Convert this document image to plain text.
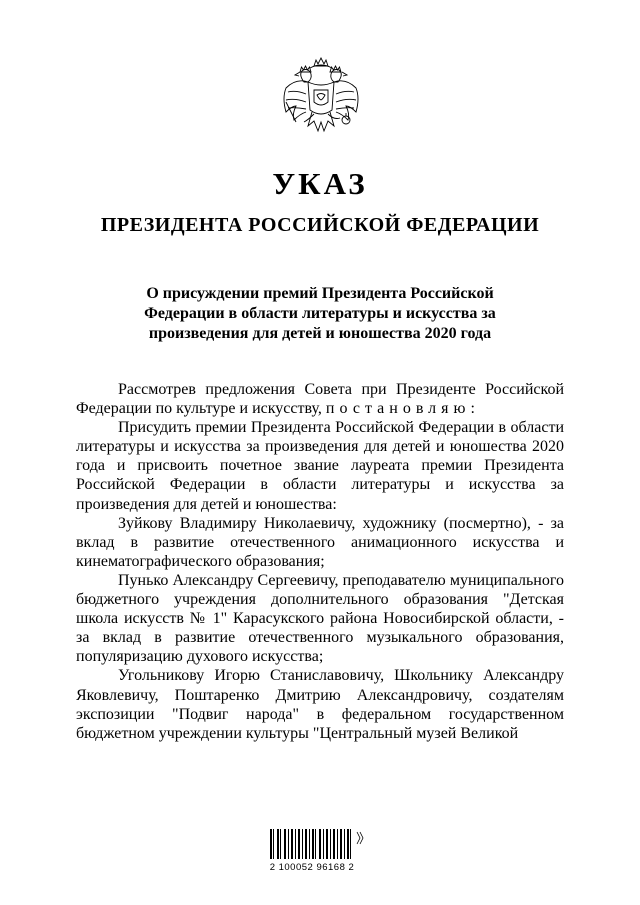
УКАЗ
ПРЕЗИДЕНТА РОССИЙСКОЙ ФЕДЕРАЦИИ
О присуждении премий Президента Российской
Федерации в области литературы и искусства за
произведения для детей и юношества 2020 года

Рассмотрев предложения Совета при Президенте Российской Федерации по культуре и искусству, постановляю:

Присудить премии Президента Российской Федерации в области литературы и искусства за произведения для детей и юношества 2020 года и присвоить почетное звание лауреата премии Президента Российской Федерации в области литературы и искусства за произведения для детей и юношества:

Зуйкову Владимиру Николаевичу, художнику (посмертно), - за вклад в развитие отечественного анимационного искусства и кинематографического образования;

Пунько Александру Сергеевичу, преподавателю муниципального бюджетного учреждения дополнительного образования "Детская школа искусств № 1" Карасукского района Новосибирской области, - за вклад в развитие отечественного музыкального образования, популяризацию духового искусства;

Угольникову Игорю Станиславовичу, Школьнику Александру Яковлевичу, Поштаренко Дмитрию Александровичу, создателям экспозиции "Подвиг народа" в федеральном государственном бюджетном учреждении культуры "Центральный музей Великой

2 100052 96168 2
